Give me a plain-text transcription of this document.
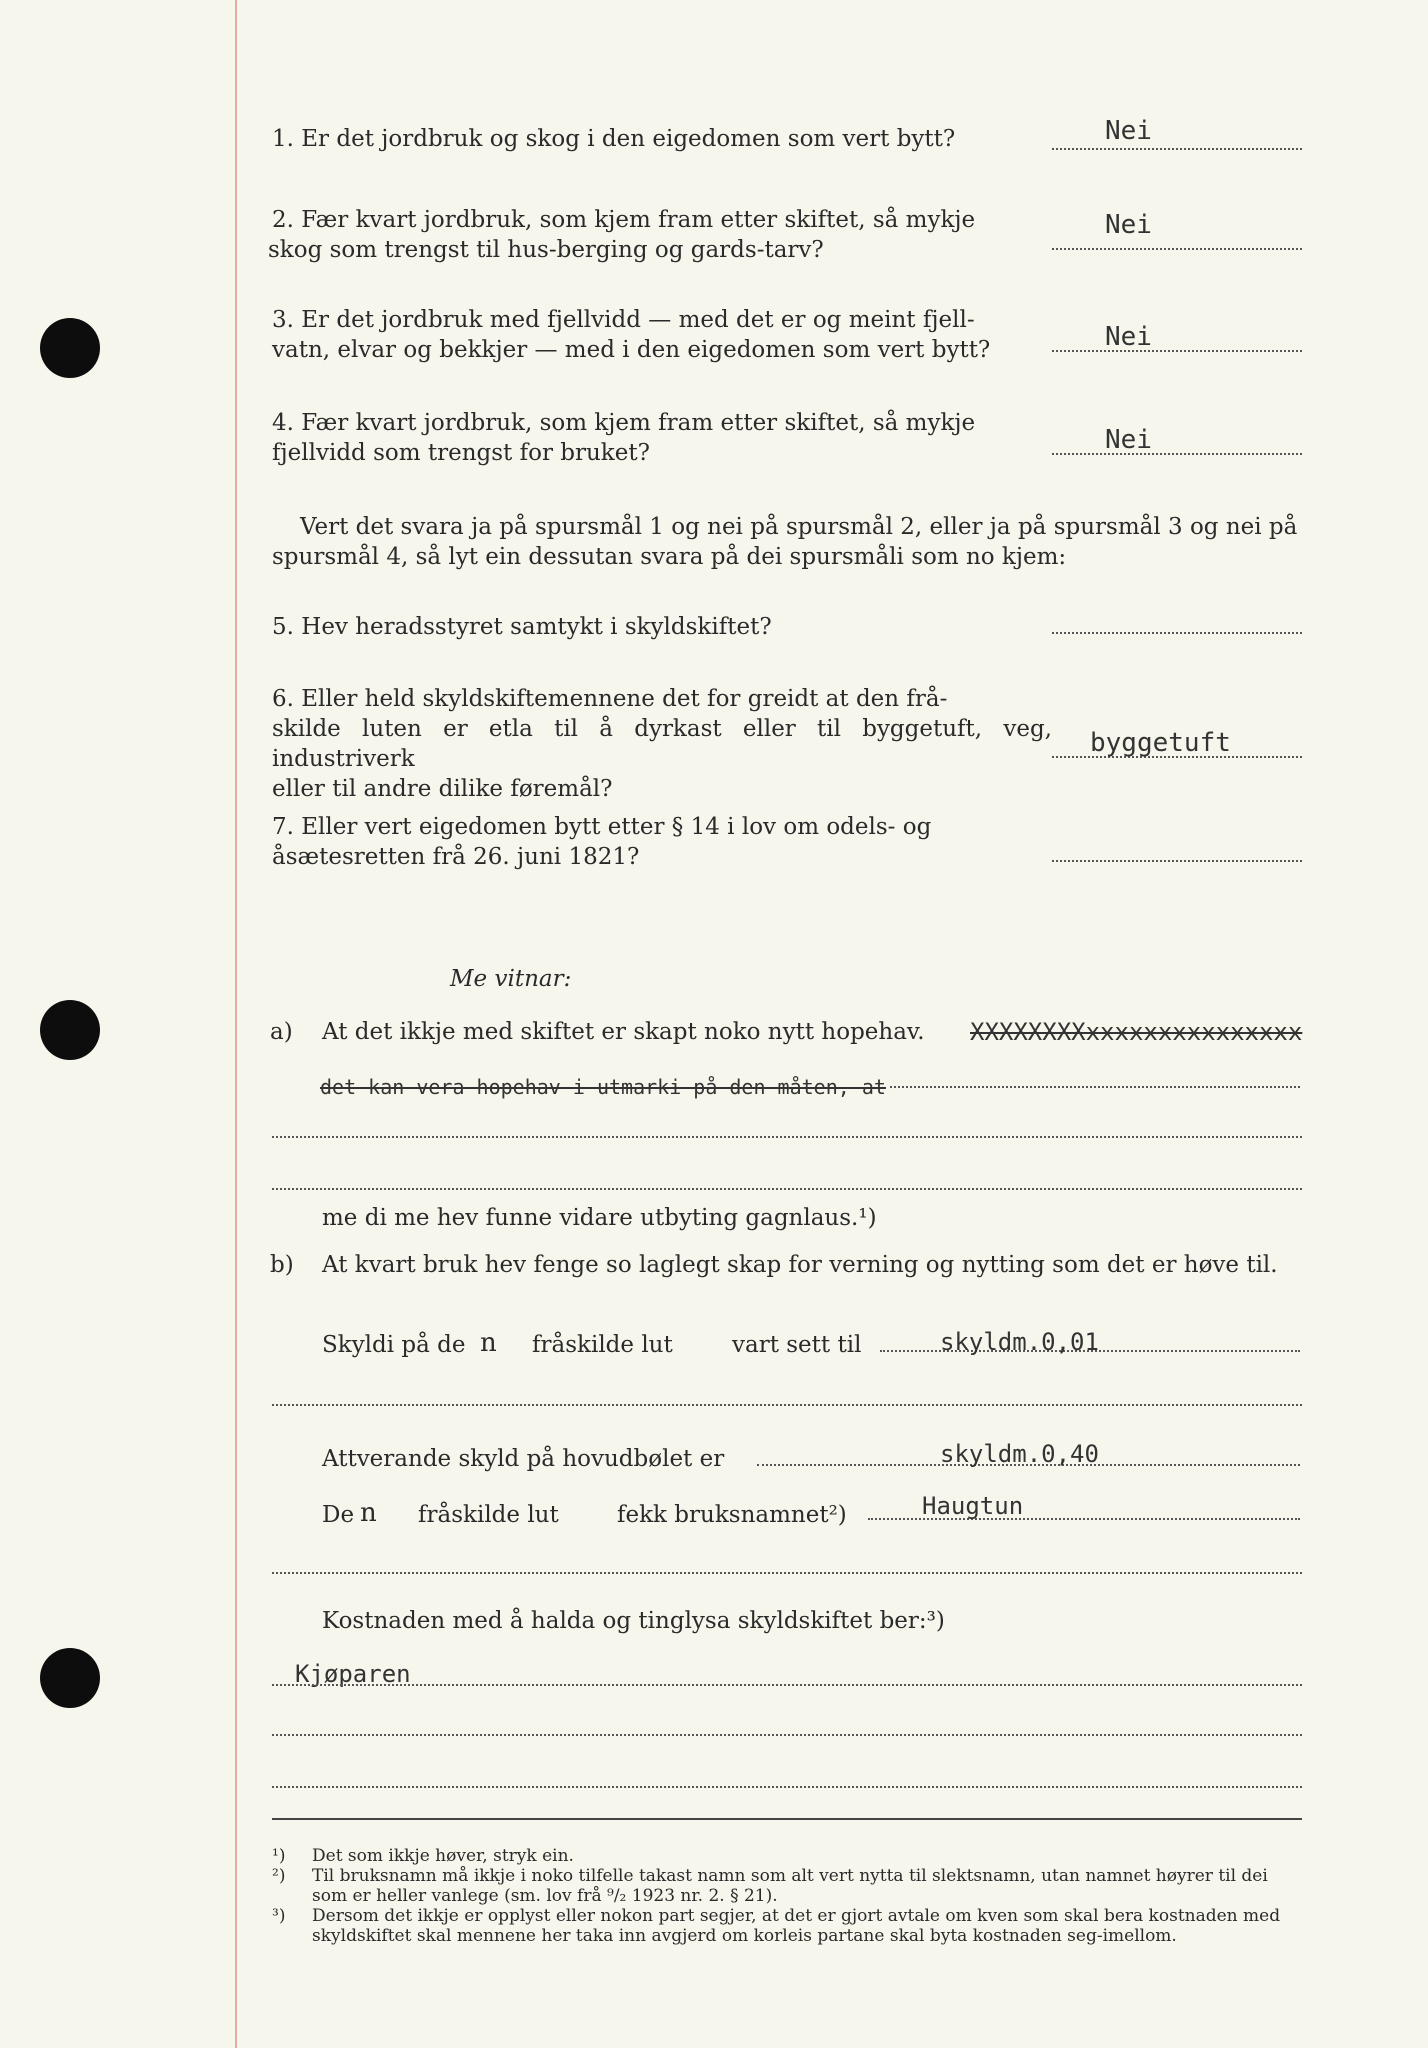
1. Er det jordbruk og skog i den eigedomen som vert bytt?	Nei
2. Fær kvart jordbruk, som kjem fram etter skiftet, så mykje
skog som trengst til hus-berging og gards-tarv?
Nei
3. Er det jordbruk med fjellvidd — med det er og meint fjell-
vatn, elvar og bekkjer — med i den eigedomen som vert bytt?	Nei
4. Fær kvart jordbruk, som kjem fram etter skiftet, så mykje
fjellvidd som trengst for bruket?	Nei
Vert det svara ja på spursmål 1 og nei på spursmål 2, eller ja på spursmål 3 og nei på spursmål 4, så lyt ein dessutan svara på dei spursmåli som no kjem:
5. Hev heradsstyret samtykt i skyldskiftet?
6. Eller held skyldskiftemennene det for greidt at den frå-
skilde luten er etla til å dyrkast eller til byggetuft, veg, industriverk
eller til andre dilike føremål?
byggetuft
7. Eller vert eigedomen bytt etter § 14 i lov om odels- og
åsætesretten frå 26. juni 1821?
Me vitnar:
a) At det ikkje med skiftet er skapt noko nytt hopehav. XXXXXXXXxxxxxxxxxxxxxxx
det kan vera hopehav i utmarki på den måten, at
me di me hev funne vidare utbyting gagnlaus.¹)
b) At kvart bruk hev fenge so laglegt skap for verning og nytting som det er høve til.
Skyldi på de n fråskilde lut	vart sett til	skyldm.0,01
Attverande skyld på hovudbølet er	skyldm.0,40
De n fråskilde lut	fekk bruksnamnet²)	Haugtun
Kostnaden med å halda og tinglysa skyldskiftet ber:³)
Kjøparen
¹)	Det som ikkje høver, stryk ein.
²)	Til bruksnamn må ikkje i noko tilfelle takast namn som alt vert nytta til slektsnamn, utan namnet høyrer til dei som er heller vanlege (sm. lov frå ⁹/₂ 1923 nr. 2. § 21).
³)	Dersom det ikkje er opplyst eller nokon part segjer, at det er gjort avtale om kven som skal bera kostnaden med skyldskiftet skal mennene her taka inn avgjerd om korleis partane skal byta kostnaden seg-imellom.
